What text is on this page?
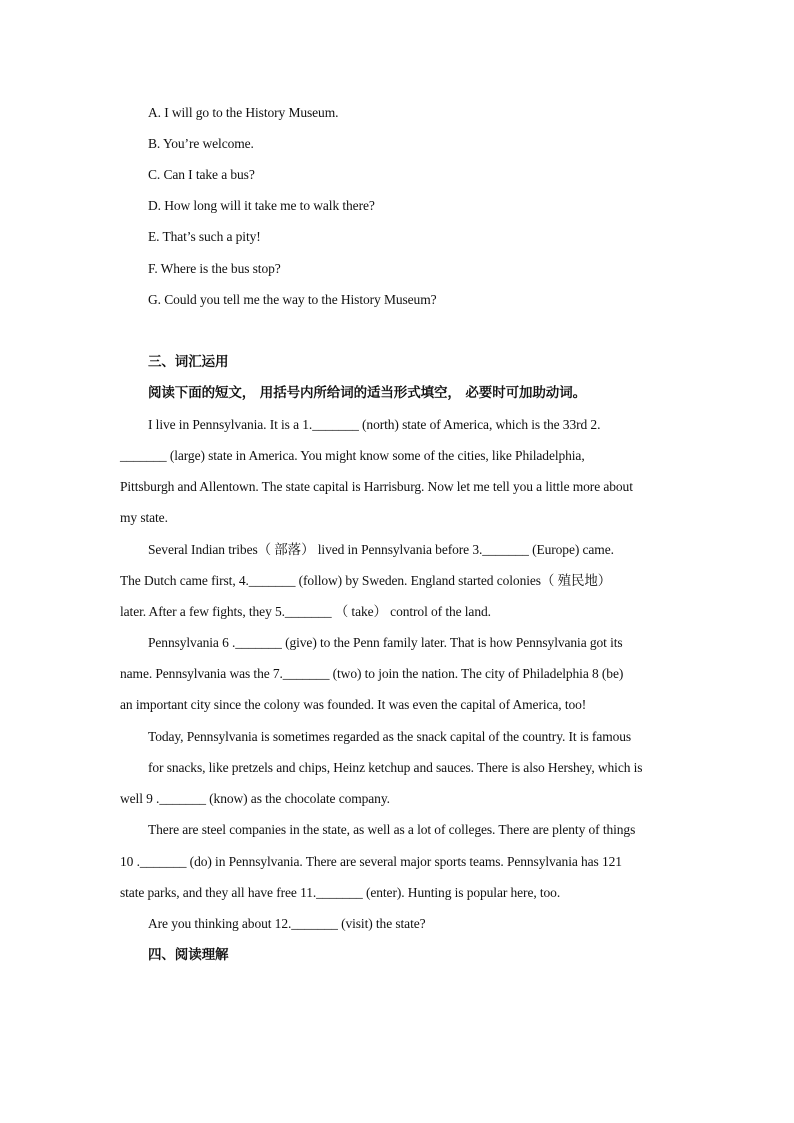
A. I will go to the History Museum.
B. You’re welcome.
C. Can I take a bus?
D. How long will it take me to walk there?
E. That’s such a pity!
F. Where is the bus stop?
G. Could you tell me the way to the History Museum?
三、词汇运用
阅读下面的短文， 用括号内所给词的适当形式填空， 必要时可加助动词。
I live in Pennsylvania. It is a 1._______ (north) state of America, which is the 33rd 2.
_______ (large) state in America. You might know some of the cities, like Philadelphia,
Pittsburgh and Allentown. The state capital is Harrisburg. Now let me tell you a little more about
my state.
Several Indian tribes（ 部落） lived in Pennsylvania before 3._______ (Europe) came.
The Dutch came first, 4._______ (follow) by Sweden. England started colonies（ 殖民地）
later. After a few fights, they 5._______ （ take） control of the land.
Pennsylvania 6 ._______ (give) to the Penn family later. That is how Pennsylvania got its
name. Pennsylvania was the 7._______ (two) to join the nation. The city of Philadelphia 8 (be)
an important city since the colony was founded. It was even the capital of America, too!
Today, Pennsylvania is sometimes regarded as the snack capital of the country. It is famous
for snacks, like pretzels and chips, Heinz ketchup and sauces. There is also Hershey, which is
well 9 ._______ (know) as the chocolate company.
There are steel companies in the state, as well as a lot of colleges. There are plenty of things
10 ._______ (do) in Pennsylvania. There are several major sports teams. Pennsylvania has 121
state parks, and they all have free 11._______ (enter). Hunting is popular here, too.
Are you thinking about 12._______ (visit) the state?
四、阅读理解
